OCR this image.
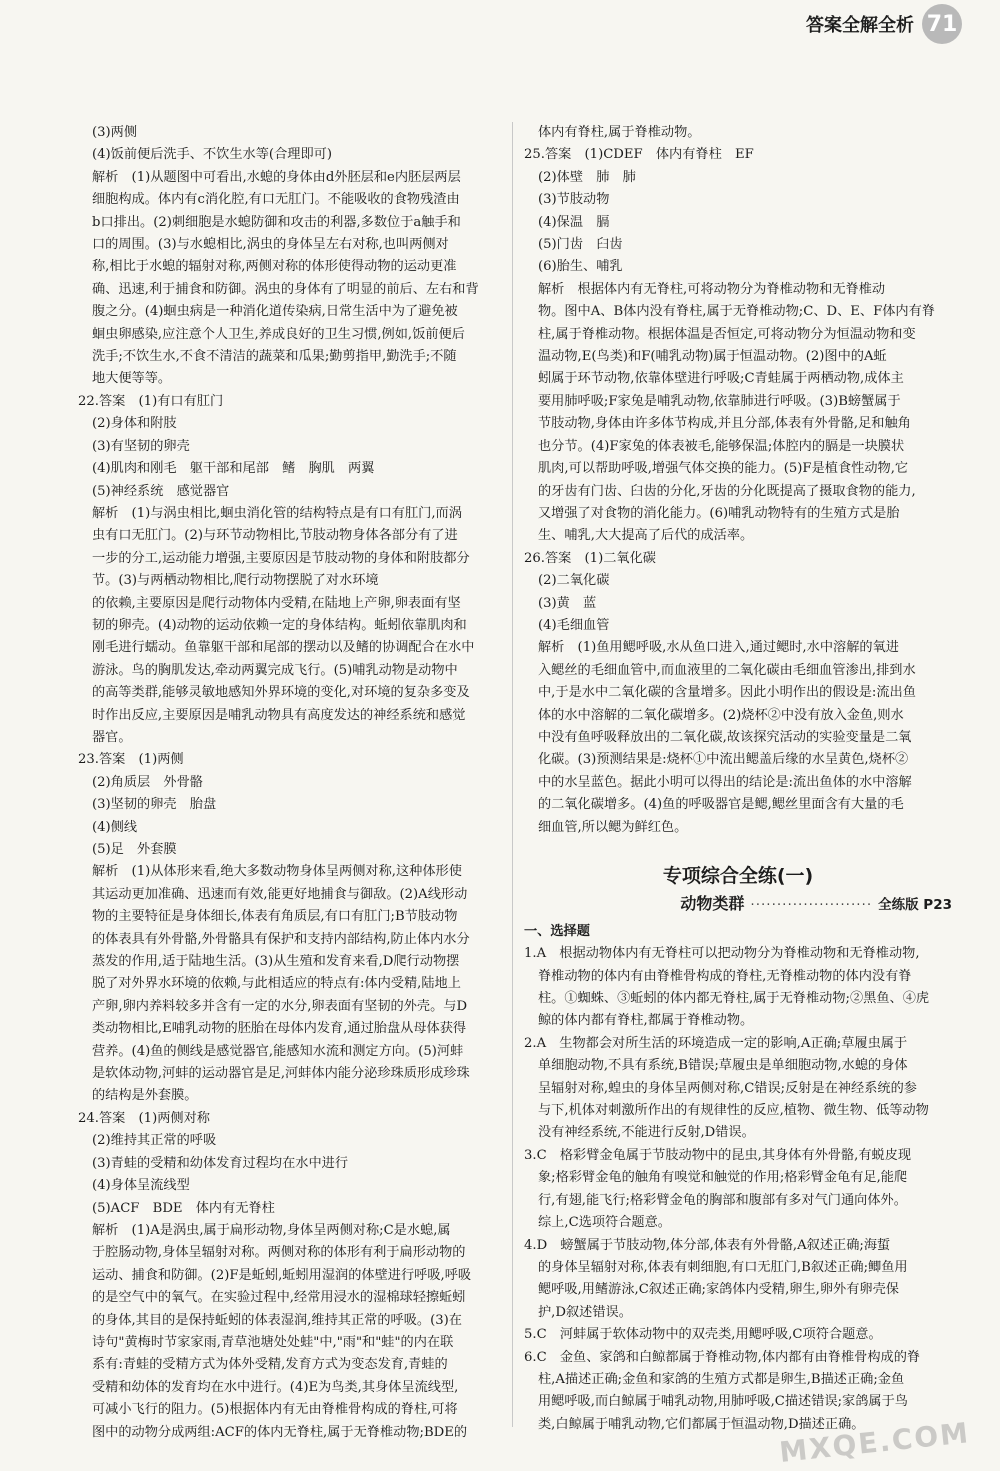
答案全解全析 71
(3)两侧
(4)饭前便后洗手、不饮生水等(合理即可)
解析　(1)从题图中可看出,水螅的身体由d外胚层和e内胚层两层
细胞构成。体内有c消化腔,有口无肛门。不能吸收的食物残渣由
b口排出。(2)刺细胞是水螅防御和攻击的利器,多数位于a触手和
口的周围。(3)与水螅相比,涡虫的身体呈左右对称,也叫两侧对
称,相比于水螅的辐射对称,两侧对称的体形使得动物的运动更准
确、迅速,利于捕食和防御。涡虫的身体有了明显的前后、左右和背
腹之分。(4)蛔虫病是一种消化道传染病,日常生活中为了避免被
蛔虫卵感染,应注意个人卫生,养成良好的卫生习惯,例如,饭前便后
洗手;不饮生水,不食不清洁的蔬菜和瓜果;勤剪指甲,勤洗手;不随
地大便等等。
22.答案　(1)有口有肛门
(2)身体和附肢
(3)有坚韧的卵壳
(4)肌肉和刚毛　躯干部和尾部　鳍　胸肌　两翼
(5)神经系统　感觉器官
解析　(1)与涡虫相比,蛔虫消化管的结构特点是有口有肛门,而涡
虫有口无肛门。(2)与环节动物相比,节肢动物身体各部分有了进
一步的分工,运动能力增强,主要原因是节肢动物的身体和附肢都分
节。(3)与两栖动物相比,爬行动物摆脱了对水环境
的依赖,主要原因是爬行动物体内受精,在陆地上产卵,卵表面有坚
韧的卵壳。(4)动物的运动依赖一定的身体结构。蚯蚓依靠肌肉和
刚毛进行蠕动。鱼靠躯干部和尾部的摆动以及鳍的协调配合在水中
游泳。鸟的胸肌发达,牵动两翼完成飞行。(5)哺乳动物是动物中
的高等类群,能够灵敏地感知外界环境的变化,对环境的复杂多变及
时作出反应,主要原因是哺乳动物具有高度发达的神经系统和感觉
器官。
23.答案　(1)两侧
(2)角质层　外骨骼
(3)坚韧的卵壳　胎盘
(4)侧线
(5)足　外套膜
解析　(1)从体形来看,绝大多数动物身体呈两侧对称,这种体形使
其运动更加准确、迅速而有效,能更好地捕食与御敌。(2)A线形动
物的主要特征是身体细长,体表有角质层,有口有肛门;B节肢动物
的体表具有外骨骼,外骨骼具有保护和支持内部结构,防止体内水分
蒸发的作用,适于陆地生活。(3)从生殖和发育来看,D爬行动物摆
脱了对外界水环境的依赖,与此相适应的特点有:体内受精,陆地上
产卵,卵内养料较多并含有一定的水分,卵表面有坚韧的外壳。与D
类动物相比,E哺乳动物的胚胎在母体内发育,通过胎盘从母体获得
营养。(4)鱼的侧线是感觉器官,能感知水流和测定方向。(5)河蚌
是软体动物,河蚌的运动器官是足,河蚌体内能分泌珍珠质形成珍珠
的结构是外套膜。
24.答案　(1)两侧对称
(2)维持其正常的呼吸
(3)青蛙的受精和幼体发育过程均在水中进行
(4)身体呈流线型
(5)ACF　BDE　体内有无脊柱
解析　(1)A是涡虫,属于扁形动物,身体呈两侧对称;C是水螅,属
于腔肠动物,身体呈辐射对称。两侧对称的体形有利于扁形动物的
运动、捕食和防御。(2)F是蚯蚓,蚯蚓用湿润的体壁进行呼吸,呼吸
的是空气中的氧气。在实验过程中,经常用浸水的湿棉球轻擦蚯蚓
的身体,其目的是保持蚯蚓的体表湿润,维持其正常的呼吸。(3)在
诗句"黄梅时节家家雨,青草池塘处处蛙"中,"雨"和"蛙"的内在联
系有:青蛙的受精方式为体外受精,发育方式为变态发育,青蛙的
受精和幼体的发育均在水中进行。(4)E为鸟类,其身体呈流线型,
可减小飞行的阻力。(5)根据体内有无由脊椎骨构成的脊柱,可将
图中的动物分成两组:ACF的体内无脊柱,属于无脊椎动物;BDE的
体内有脊柱,属于脊椎动物。
25.答案　(1)CDEF　体内有脊柱　EF
(2)体壁　肺　肺
(3)节肢动物
(4)保温　膈
(5)门齿　臼齿
(6)胎生、哺乳
解析　根据体内有无脊柱,可将动物分为脊椎动物和无脊椎动
物。图中A、B体内没有脊柱,属于无脊椎动物;C、D、E、F体内有脊
柱,属于脊椎动物。根据体温是否恒定,可将动物分为恒温动物和变
温动物,E(鸟类)和F(哺乳动物)属于恒温动物。(2)图中的A蚯
蚓属于环节动物,依靠体壁进行呼吸;C青蛙属于两栖动物,成体主
要用肺呼吸;F家兔是哺乳动物,依靠肺进行呼吸。(3)B螃蟹属于
节肢动物,身体由许多体节构成,并且分部,体表有外骨骼,足和触角
也分节。(4)F家兔的体表被毛,能够保温;体腔内的膈是一块膜状
肌肉,可以帮助呼吸,增强气体交换的能力。(5)F是植食性动物,它
的牙齿有门齿、臼齿的分化,牙齿的分化既提高了摄取食物的能力,
又增强了对食物的消化能力。(6)哺乳动物特有的生殖方式是胎
生、哺乳,大大提高了后代的成活率。
26.答案　(1)二氧化碳
(2)二氧化碳
(3)黄　蓝
(4)毛细血管
解析　(1)鱼用鳃呼吸,水从鱼口进入,通过鳃时,水中溶解的氧进
入鳃丝的毛细血管中,而血液里的二氧化碳由毛细血管渗出,排到水
中,于是水中二氧化碳的含量增多。因此小明作出的假设是:流出鱼
体的水中溶解的二氧化碳增多。(2)烧杯②中没有放入金鱼,则水
中没有鱼呼吸释放出的二氧化碳,故该探究活动的实验变量是二氧
化碳。(3)预测结果是:烧杯①中流出鳃盖后缘的水呈黄色,烧杯②
中的水呈蓝色。据此小明可以得出的结论是:流出鱼体的水中溶解
的二氧化碳增多。(4)鱼的呼吸器官是鳃,鳃丝里面含有大量的毛
细血管,所以鳃为鲜红色。
专项综合全练(一)
动物类群 ······················· 全练版 P23
一、选择题
1.A　根据动物体内有无脊柱可以把动物分为脊椎动物和无脊椎动物,
脊椎动物的体内有由脊椎骨构成的脊柱,无脊椎动物的体内没有脊
柱。①蜘蛛、③蚯蚓的体内都无脊柱,属于无脊椎动物;②黑鱼、④虎
鲸的体内都有脊柱,都属于脊椎动物。
2.A　生物都会对所生活的环境造成一定的影响,A正确;草履虫属于
单细胞动物,不具有系统,B错误;草履虫是单细胞动物,水螅的身体
呈辐射对称,蝗虫的身体呈两侧对称,C错误;反射是在神经系统的参
与下,机体对刺激所作出的有规律性的反应,植物、微生物、低等动物
没有神经系统,不能进行反射,D错误。
3.C　格彩臂金龟属于节肢动物中的昆虫,其身体有外骨骼,有蜕皮现
象;格彩臂金龟的触角有嗅觉和触觉的作用;格彩臂金龟有足,能爬
行,有翅,能飞行;格彩臂金龟的胸部和腹部有多对气门通向体外。
综上,C选项符合题意。
4.D　螃蟹属于节肢动物,体分部,体表有外骨骼,A叙述正确;海蜇
的身体呈辐射对称,体表有刺细胞,有口无肛门,B叙述正确;鲫鱼用
鳃呼吸,用鳍游泳,C叙述正确;家鸽体内受精,卵生,卵外有卵壳保
护,D叙述错误。
5.C　河蚌属于软体动物中的双壳类,用鳃呼吸,C项符合题意。
6.C　金鱼、家鸽和白鲸都属于脊椎动物,体内都有由脊椎骨构成的脊
柱,A描述正确;金鱼和家鸽的生殖方式都是卵生,B描述正确;金鱼
用鳃呼吸,而白鲸属于哺乳动物,用肺呼吸,C描述错误;家鸽属于鸟
类,白鲸属于哺乳动物,它们都属于恒温动物,D描述正确。
MXQE.COM
